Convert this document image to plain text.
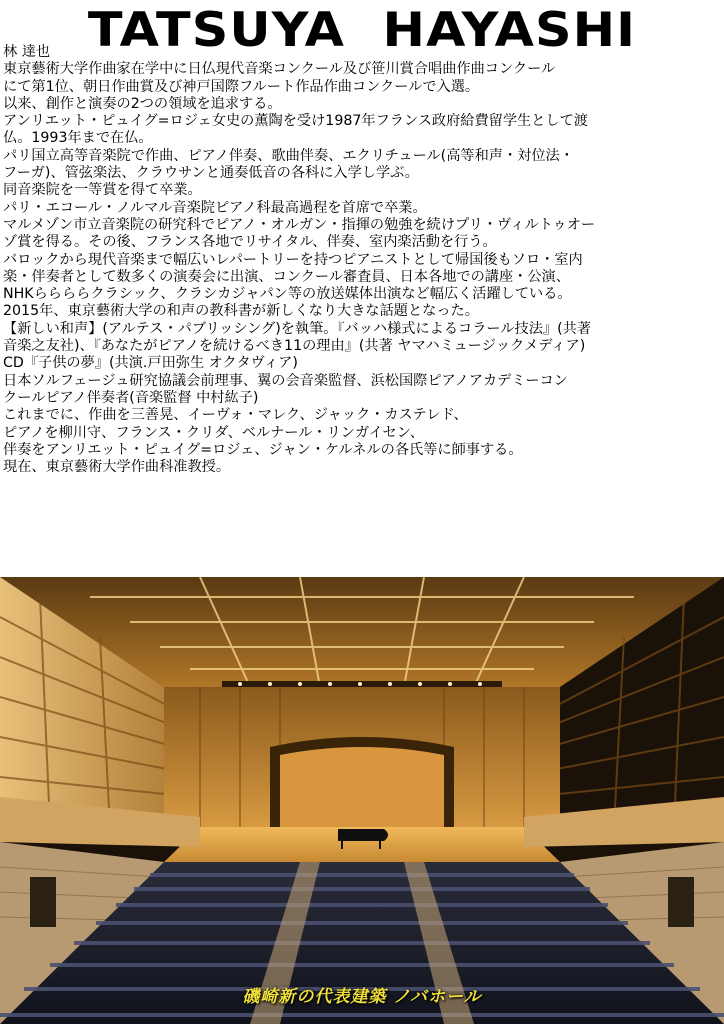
TATSUYA  HAYASHI
林 達也
東京藝術大学作曲家在学中に日仏現代音楽コンクール及び笹川賞合唱曲作曲コンクール
にて第1位、朝日作曲賞及び神戸国際フルート作品作曲コンクールで入選。
以来、創作と演奏の2つの領域を追求する。
アンリエット・ピュイグ=ロジェ女史の薫陶を受け1987年フランス政府給費留学生として渡
仏。1993年まで在仏。
パリ国立高等音楽院で作曲、ピアノ伴奏、歌曲伴奏、エクリチュール(高等和声・対位法・
フーガ)、管弦楽法、クラウサンと通奏低音の各科に入学し学ぶ。
同音楽院を一等賞を得て卒業。
パリ・エコール・ノルマル音楽院ピアノ科最高過程を首席で卒業。
マルメゾン市立音楽院の研究科でピアノ・オルガン・指揮の勉強を続けプリ・ヴィルトゥオー
ゾ賞を得る。その後、フランス各地でリサイタル、伴奏、室内楽活動を行う。
バロックから現代音楽まで幅広いレパートリーを持つピアニストとして帰国後もソロ・室内
楽・伴奏者として数多くの演奏会に出演、コンクール審査員、日本各地での講座・公演、
NHKららららクラシック、クラシカジャパン等の放送媒体出演など幅広く活躍している。
2015年、東京藝術大学の和声の教科書が新しくなり大きな話題となった。
【新しい和声】(アルテス・パブリッシング)を執筆。『バッハ様式によるコラール技法』(共著
音楽之友社)、『あなたがピアノを続けるべき11の理由』(共著 ヤマハミュージックメディア)
CD『子供の夢』(共演.戸田弥生 オクタヴィア)
日本ソルフェージュ研究協議会前理事、翼の会音楽監督、浜松国際ピアノアカデミーコン
クールピアノ伴奏者(音楽監督 中村紘子)
これまでに、作曲を三善晃、イーヴォ・マレク、ジャック・カステレド、
ピアノを柳川守、フランス・クリダ、ベルナール・リンガイセン、
伴奏をアンリエット・ピュイグ=ロジェ、ジャン・ケルネルの各氏等に師事する。
現在、東京藝術大学作曲科准教授。
磯崎新の代表建築 ノバホール
